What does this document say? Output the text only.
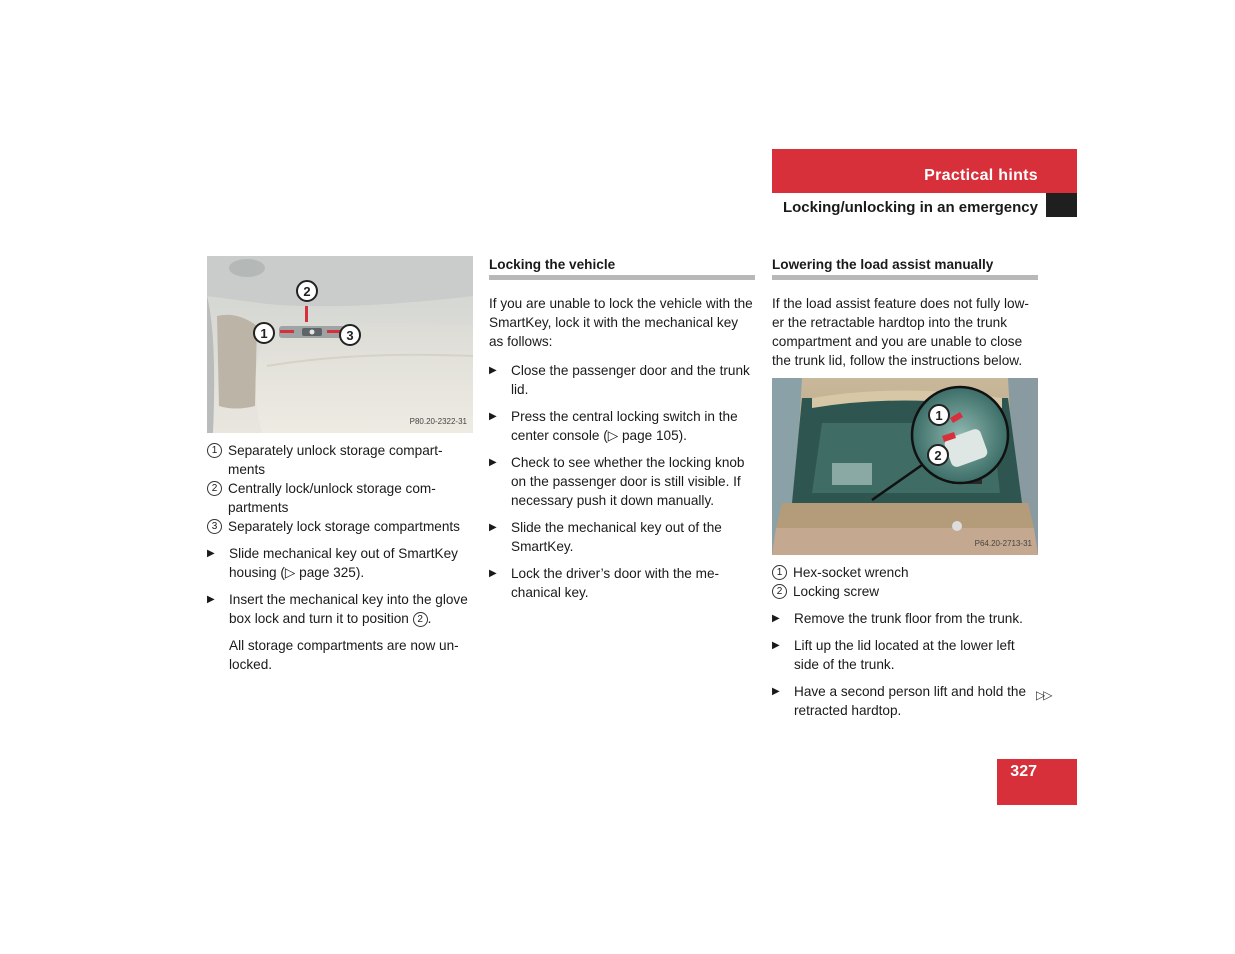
Practical hints
Locking/unlocking in an emergency
1
2
3
P80.20-2322-31
1 Separately unlock storage compart-ments
2 Centrally lock/unlock storage com-partments
3 Separately lock storage compartments
▶ Slide mechanical key out of SmartKey housing (▷ page 325).
▶ Insert the mechanical key into the glove box lock and turn it to position 2 .

All storage compartments are now un-locked.

Locking the vehicle

If you are unable to lock the vehicle with the SmartKey, lock it with the mechanical key as follows:

▶ Close the passenger door and the trunk lid.
▶ Press the central locking switch in the center console (▷ page 105).
▶ Check to see whether the locking knob on the passenger door is still visible. If necessary push it down manually.
▶ Slide the mechanical key out of the SmartKey.
▶ Lock the driver’s door with the me-chanical key.
Lowering the load assist manually

If the load assist feature does not fully low-er the retractable hardtop into the trunk compartment and you are unable to close the trunk lid, follow the instructions below.

1
2
P64.20-2713-31
1 Hex-socket wrench
2 Locking screw
▶ Remove the trunk floor from the trunk.
▶ Lift up the lid located at the lower left side of the trunk.
▶ Have a second person lift and hold the retracted hardtop.
▷▷
327
